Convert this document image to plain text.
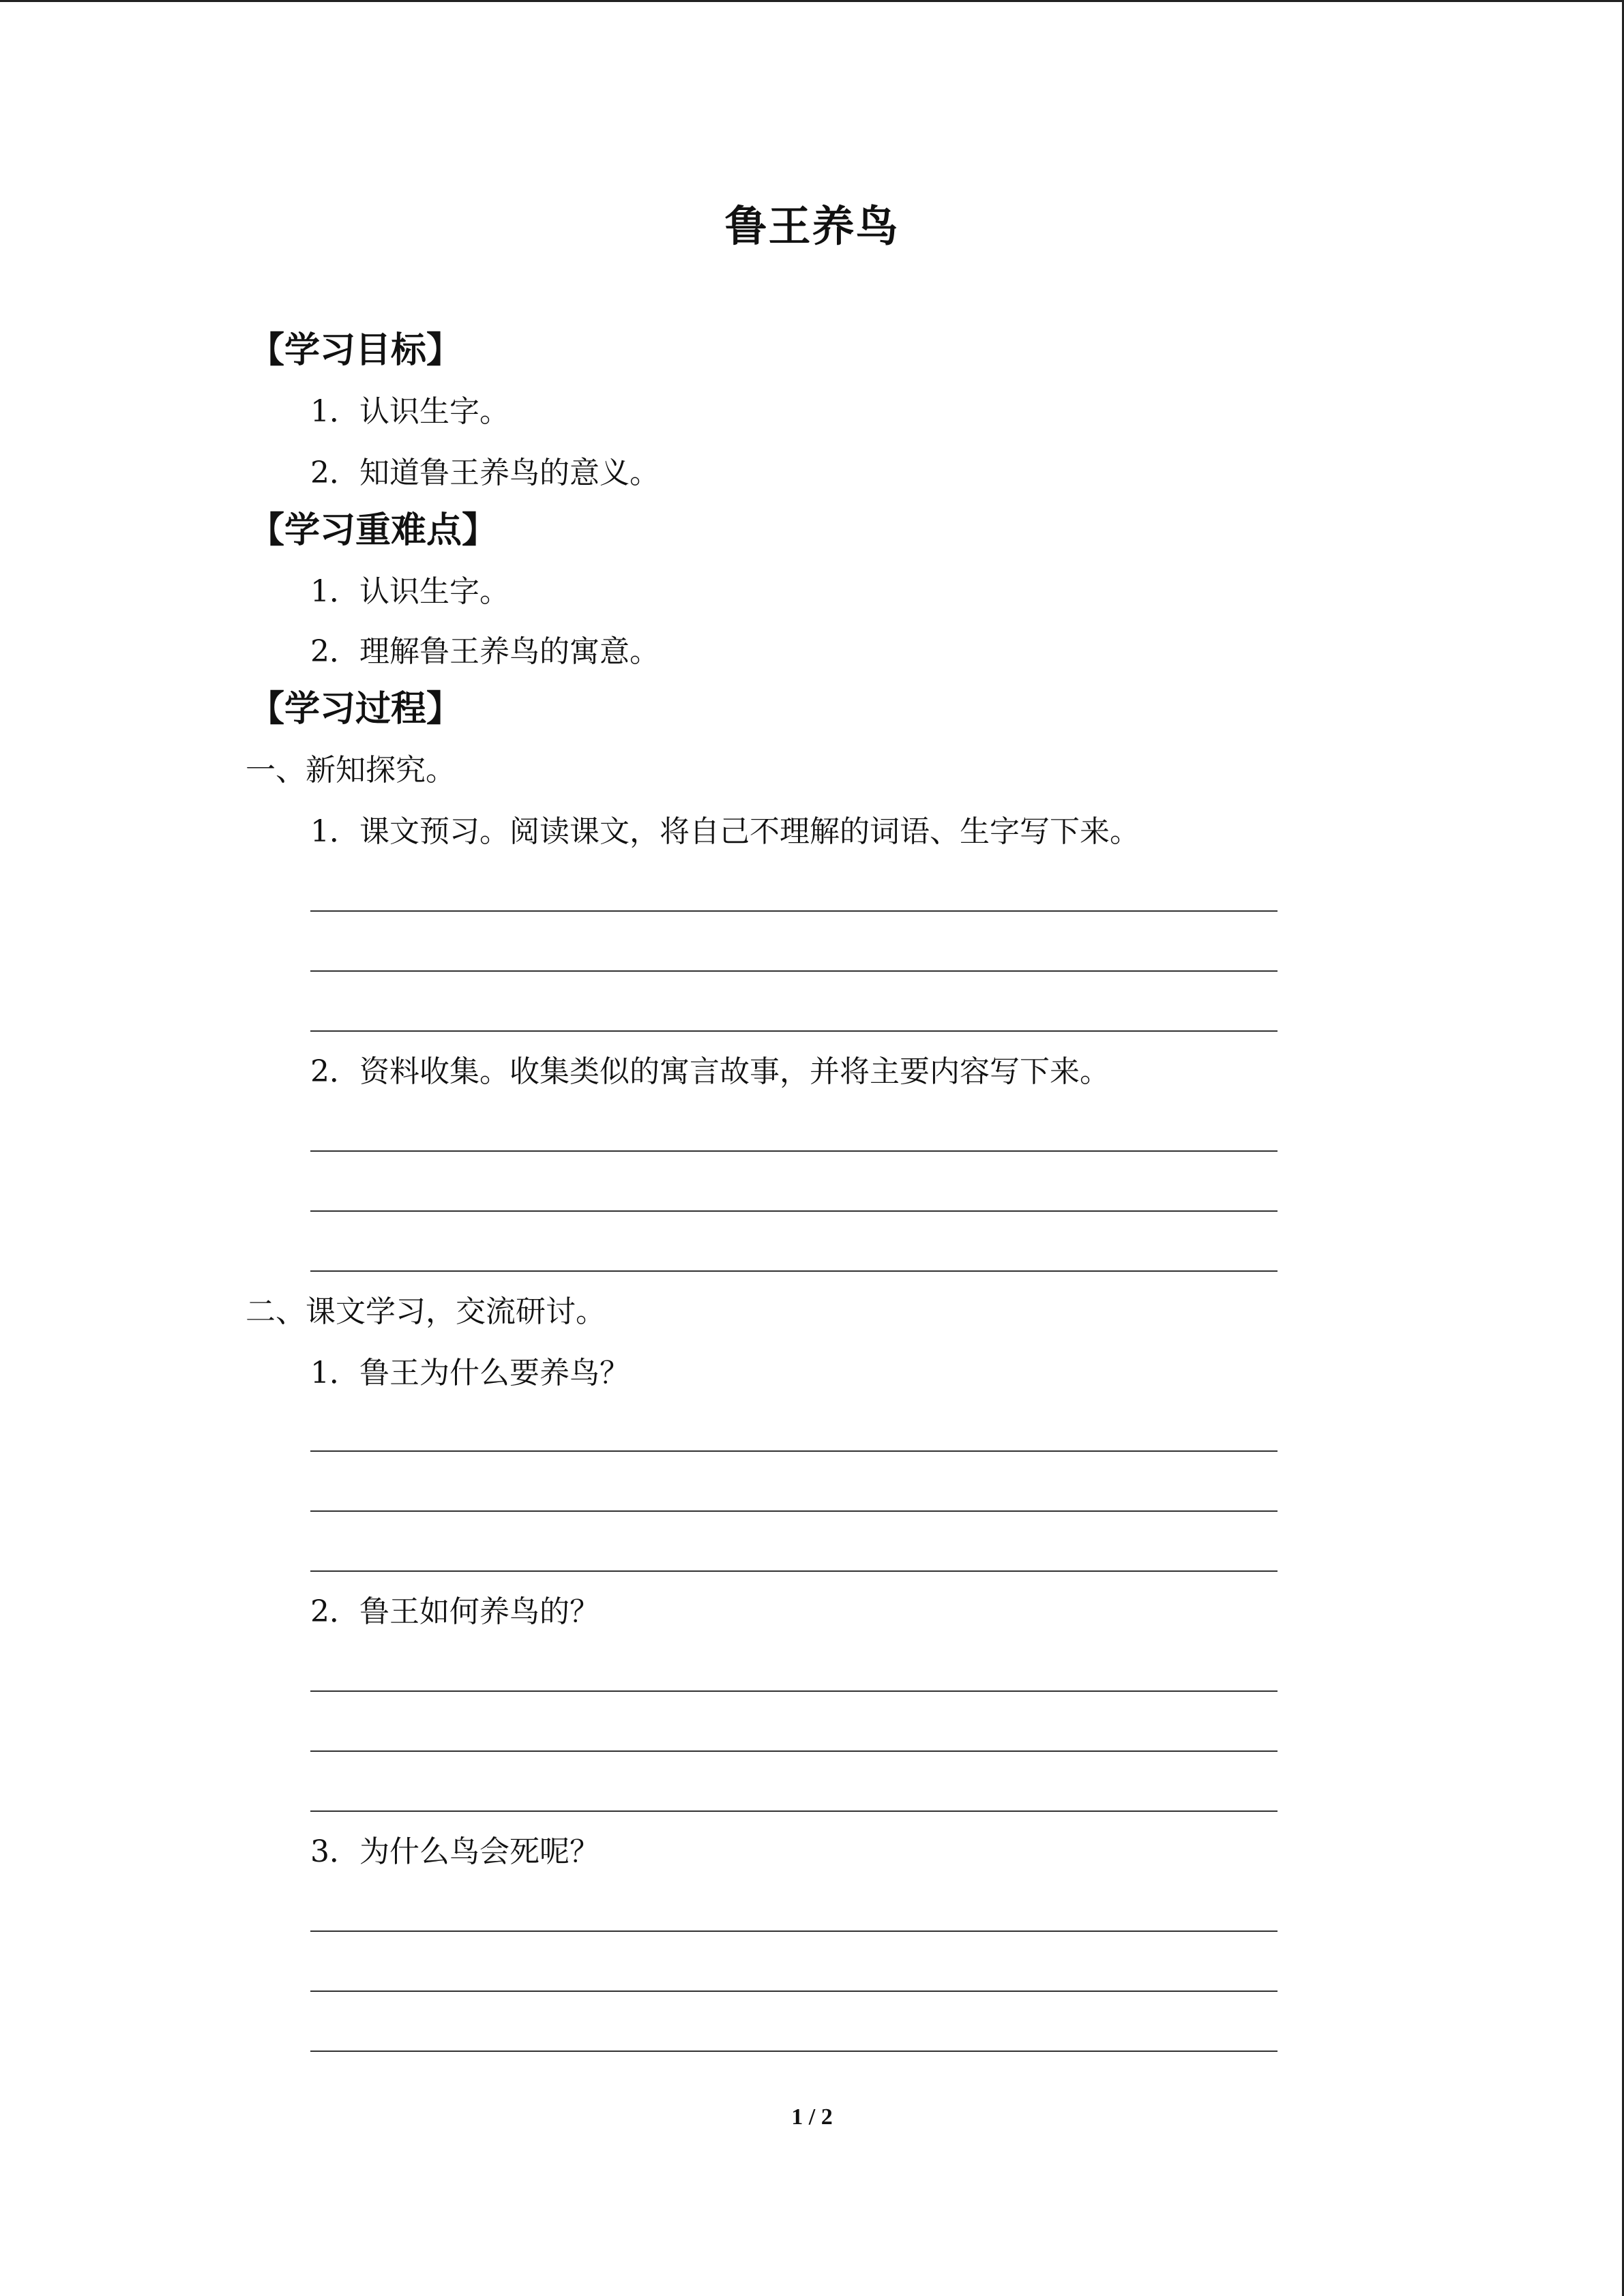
鲁王养鸟
【学习目标】
1．认识生字。
2．知道鲁王养鸟的意义。
【学习重难点】
1．认识生字。
2．理解鲁王养鸟的寓意。
【学习过程】
一、新知探究。
1．课文预习。阅读课文，将自己不理解的词语、生字写下来。
2．资料收集。收集类似的寓言故事，并将主要内容写下来。
二、课文学习，交流研讨。
1．鲁王为什么要养鸟？
2．鲁王如何养鸟的？
3．为什么鸟会死呢？
1 / 2
